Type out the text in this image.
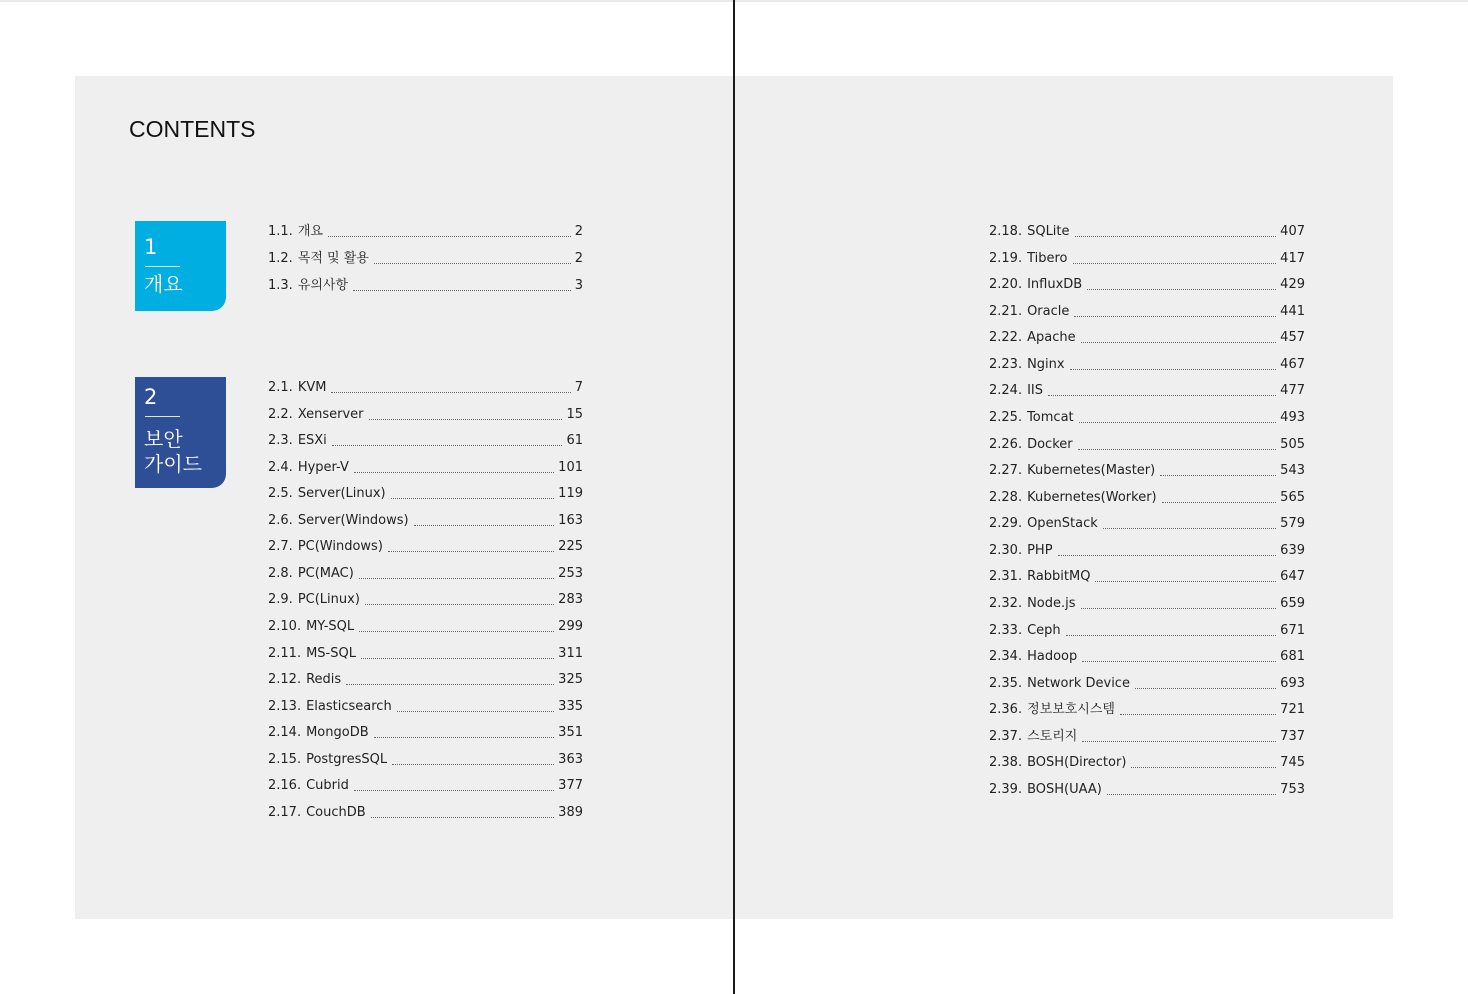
CONTENTS
1
개요
2
보안
가이드
1.1. 개요	2
1.2. 목적 및 활용	2
1.3. 유의사항	3
2.1. KVM	7
2.2. Xenserver	15
2.3. ESXi	61
2.4. Hyper-V	101
2.5. Server(Linux)	119
2.6. Server(Windows)	163
2.7. PC(Windows)	225
2.8. PC(MAC)	253
2.9. PC(Linux)	283
2.10. MY-SQL	299
2.11. MS-SQL	311
2.12. Redis	325
2.13. Elasticsearch	335
2.14. MongoDB	351
2.15. PostgresSQL	363
2.16. Cubrid	377
2.17. CouchDB	389
2.18. SQLite	407
2.19. Tibero	417
2.20. InfluxDB	429
2.21. Oracle	441
2.22. Apache	457
2.23. Nginx	467
2.24. IIS	477
2.25. Tomcat	493
2.26. Docker	505
2.27. Kubernetes(Master)	543
2.28. Kubernetes(Worker)	565
2.29. OpenStack	579
2.30. PHP	639
2.31. RabbitMQ	647
2.32. Node.js	659
2.33. Ceph	671
2.34. Hadoop	681
2.35. Network Device	693
2.36. 정보보호시스템	721
2.37. 스토리지	737
2.38. BOSH(Director)	745
2.39. BOSH(UAA)	753
